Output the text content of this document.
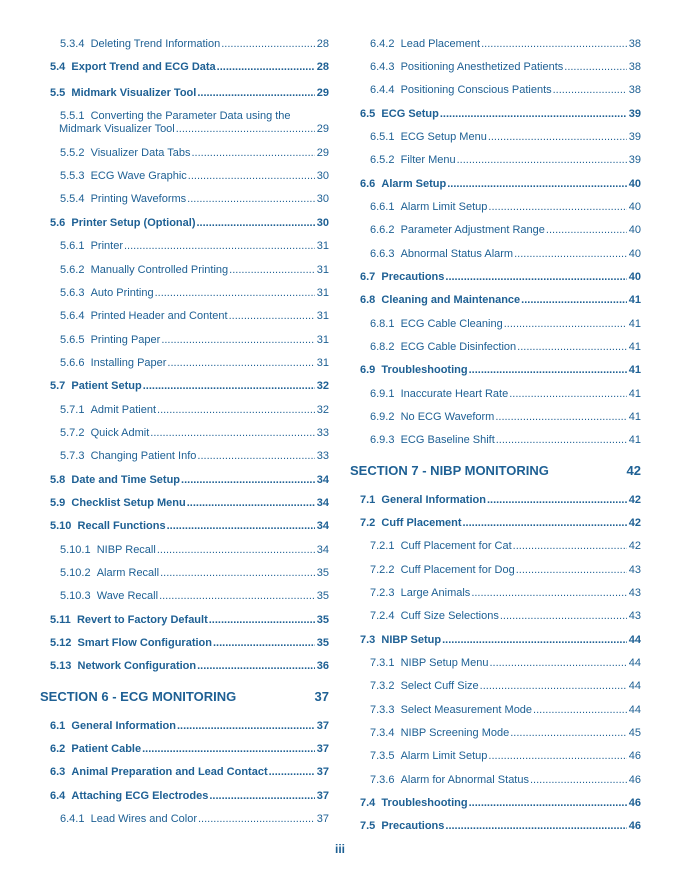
5.3.4 Deleting Trend Information .....	28
5.4 Export Trend and ECG Data .....	28
5.5 Midmark Visualizer Tool .....	29
5.5.1 Converting the Parameter Data using the
Midmark Visualizer Tool .....	29
5.5.2 Visualizer Data Tabs .....	29
5.5.3 ECG Wave Graphic .....	30
5.5.4 Printing Waveforms .....	30
5.6 Printer Setup (Optional) .....	30
5.6.1 Printer .....	31
5.6.2 Manually Controlled Printing .....	31
5.6.3 Auto Printing .....	31
5.6.4 Printed Header and Content .....	31
5.6.5 Printing Paper .....	31
5.6.6 Installing Paper .....	31
5.7 Patient Setup .....	32
5.7.1 Admit Patient .....	32
5.7.2 Quick Admit .....	33
5.7.3 Changing Patient Info .....	33
5.8 Date and Time Setup .....	34
5.9 Checklist Setup Menu .....	34
5.10 Recall Functions .....	34
5.10.1 NIBP Recall .....	34
5.10.2 Alarm Recall .....	35
5.10.3 Wave Recall .....	35
5.11 Revert to Factory Default .....	35
5.12 Smart Flow Configuration .....	35
5.13 Network Configuration .....	36
SECTION 6 - ECG MONITORING	37
6.1 General Information .....	37
6.2 Patient Cable .....	37
6.3 Animal Preparation and Lead Contact .....	37
6.4 Attaching ECG Electrodes .....	37
6.4.1 Lead Wires and Color .....	37
6.4.2 Lead Placement .....	38
6.4.3 Positioning Anesthetized Patients .....	38
6.4.4 Positioning Conscious Patients .....	38
6.5 ECG Setup .....	39
6.5.1 ECG Setup Menu .....	39
6.5.2 Filter Menu .....	39
6.6 Alarm Setup .....	40
6.6.1 Alarm Limit Setup .....	40
6.6.2 Parameter Adjustment Range .....	40
6.6.3 Abnormal Status Alarm .....	40
6.7 Precautions .....	40
6.8 Cleaning and Maintenance .....	41
6.8.1 ECG Cable Cleaning .....	41
6.8.2 ECG Cable Disinfection .....	41
6.9 Troubleshooting .....	41
6.9.1 Inaccurate Heart Rate .....	41
6.9.2 No ECG Waveform .....	41
6.9.3 ECG Baseline Shift .....	41
SECTION 7 - NIBP MONITORING	42
7.1 General Information .....	42
7.2 Cuff Placement .....	42
7.2.1 Cuff Placement for Cat .....	42
7.2.2 Cuff Placement for Dog .....	43
7.2.3 Large Animals .....	43
7.2.4 Cuff Size Selections .....	43
7.3 NIBP Setup .....	44
7.3.1 NIBP Setup Menu .....	44
7.3.2 Select Cuff Size .....	44
7.3.3 Select Measurement Mode .....	44
7.3.4 NIBP Screening Mode .....	45
7.3.5 Alarm Limit Setup .....	46
7.3.6 Alarm for Abnormal Status .....	46
7.4 Troubleshooting .....	46
7.5 Precautions .....	46
iii
